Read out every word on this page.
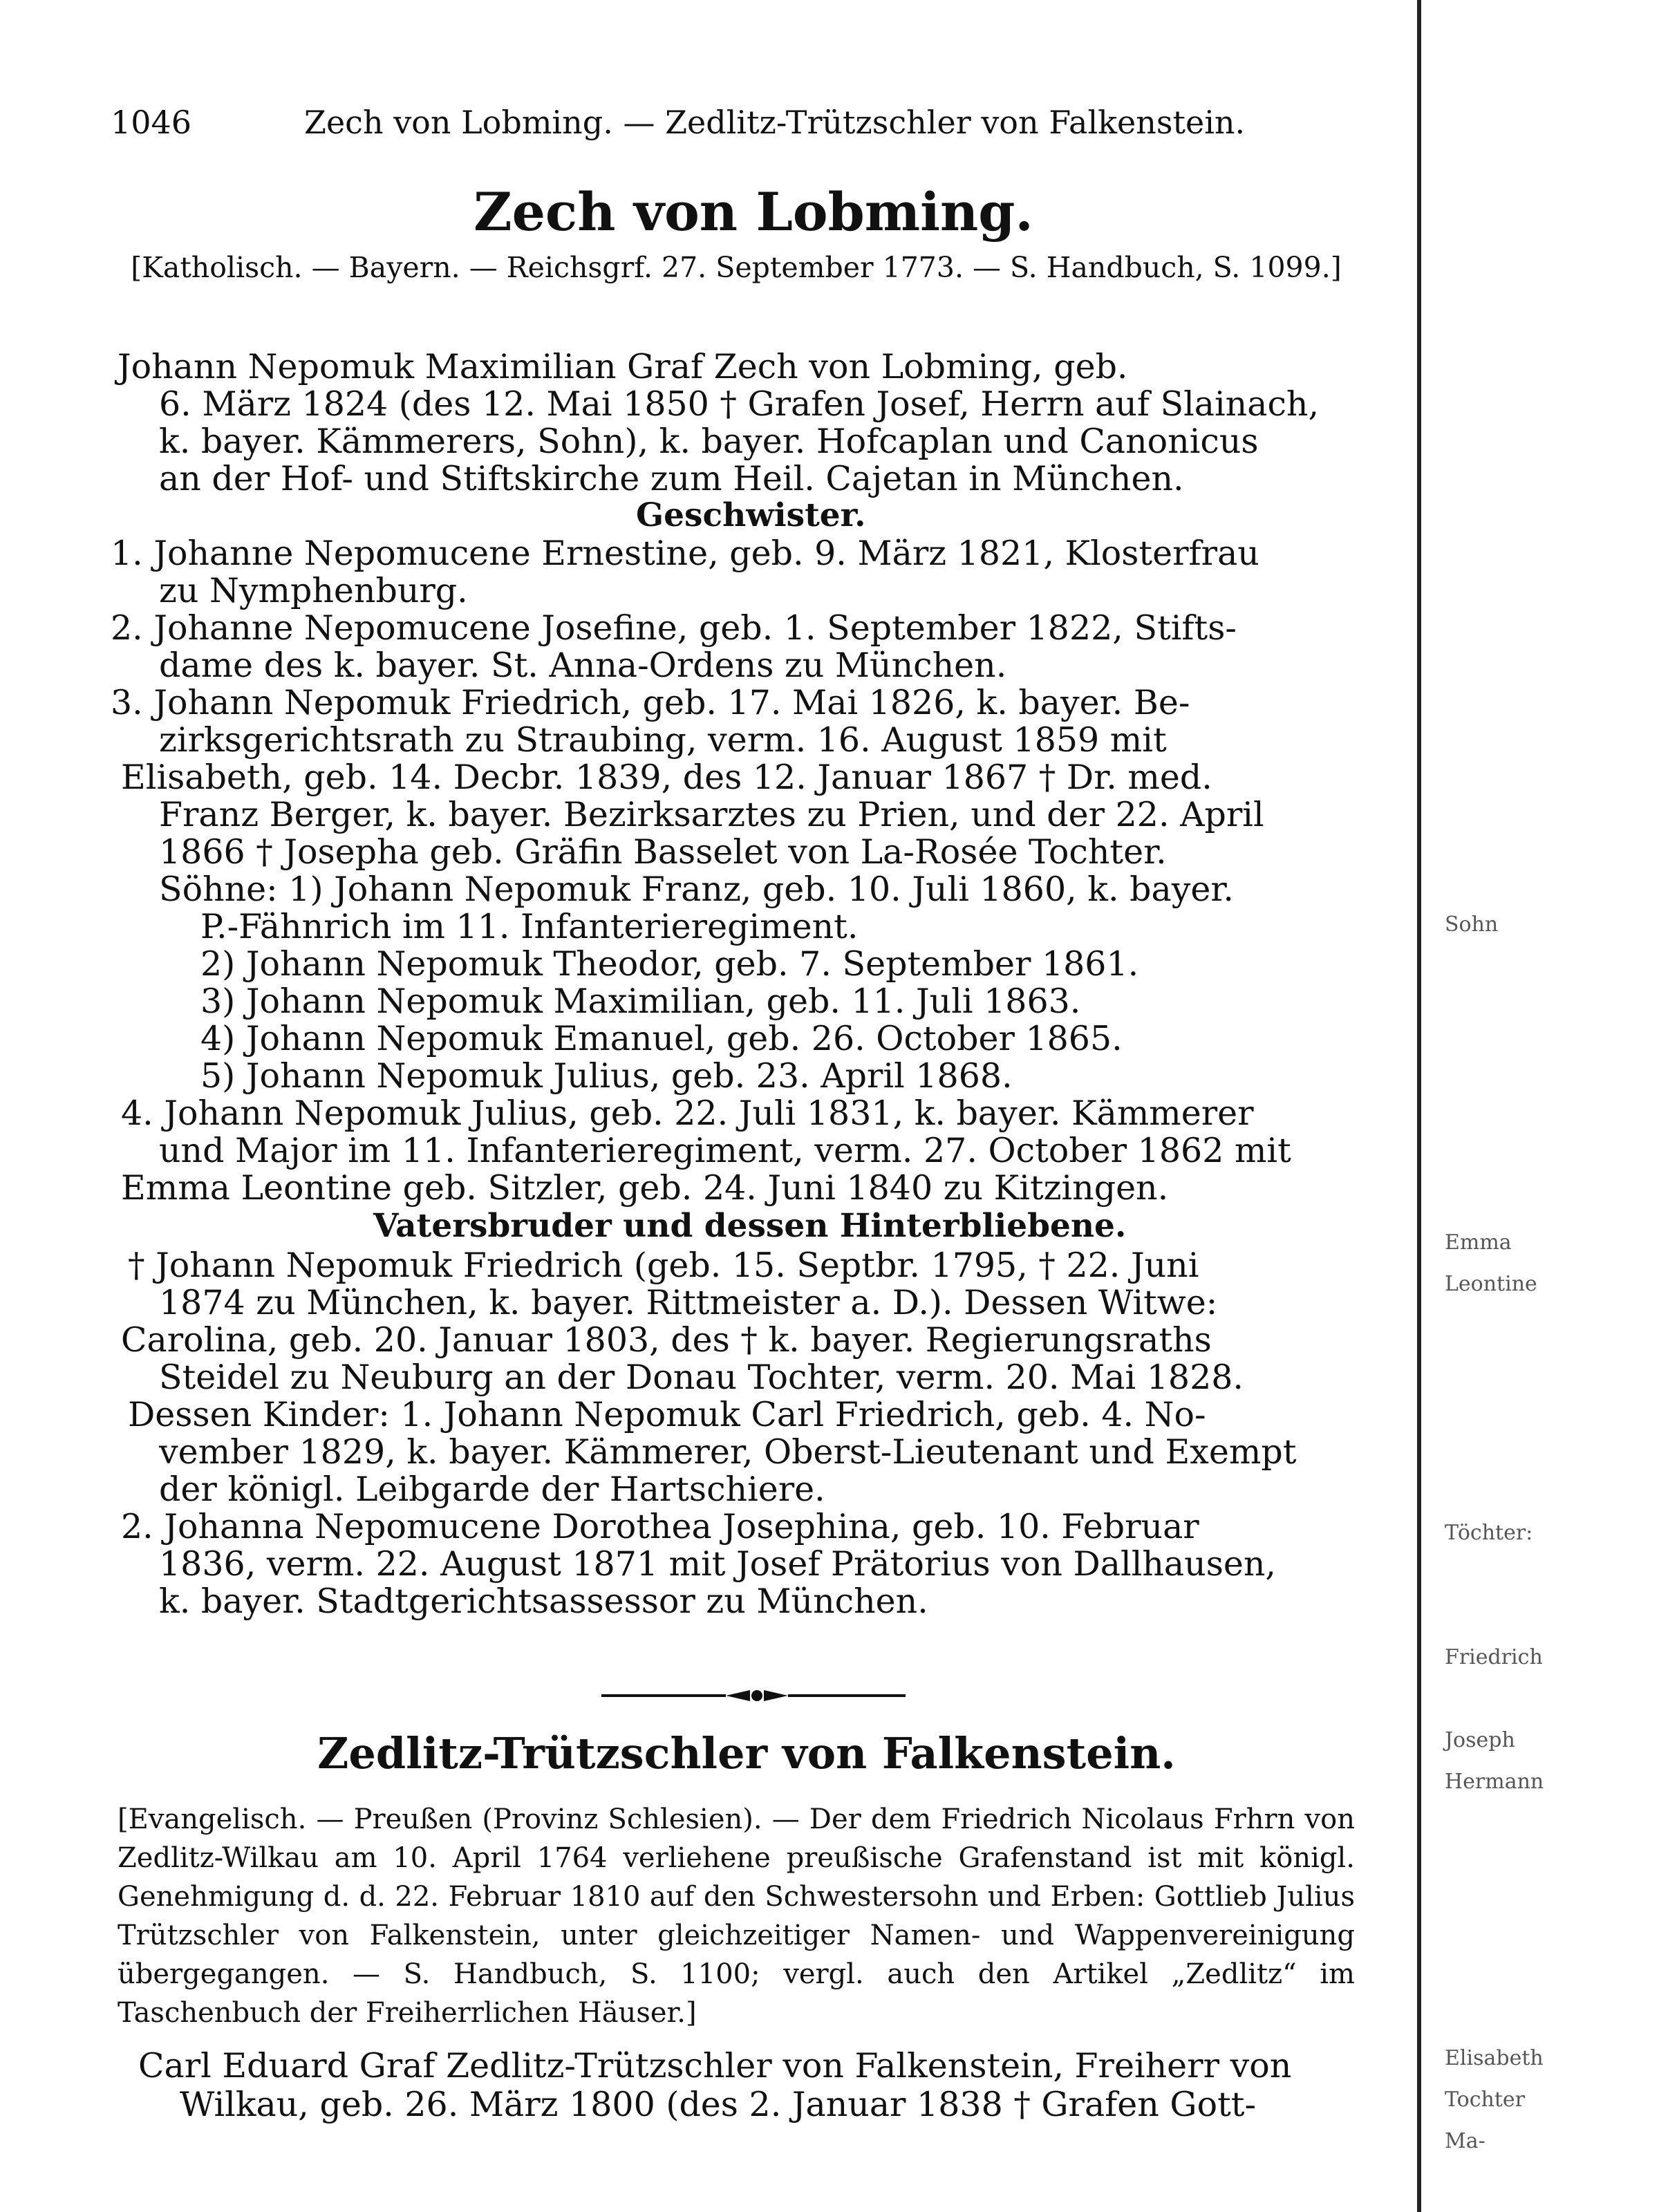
1046	Zech von Lobming. — Zedlitz-Trützschler von Falkenstein.
Zech von Lobming.
[Katholisch. — Bayern. — Reichsgrf. 27. September 1773. — S. Handbuch, S. 1099.]
Johann Nepomuk Maximilian Graf Zech von Lobming, geb.
6. März 1824 (des 12. Mai 1850 † Grafen Josef, Herrn auf Slainach,
k. bayer. Kämmerers, Sohn), k. bayer. Hofcaplan und Canonicus
an der Hof- und Stiftskirche zum Heil. Cajetan in München.
Geschwister.
1. Johanne Nepomucene Ernestine, geb. 9. März 1821, Klosterfrau
zu Nymphenburg.
2. Johanne Nepomucene Josefine, geb. 1. September 1822, Stifts-
dame des k. bayer. St. Anna-Ordens zu München.
3. Johann Nepomuk Friedrich, geb. 17. Mai 1826, k. bayer. Be-
zirksgerichtsrath zu Straubing, verm. 16. August 1859 mit
Elisabeth, geb. 14. Decbr. 1839, des 12. Januar 1867 † Dr. med.
Franz Berger, k. bayer. Bezirksarztes zu Prien, und der 22. April
1866 † Josepha geb. Gräfin Basselet von La-Rosée Tochter.
Söhne: 1) Johann Nepomuk Franz, geb. 10. Juli 1860, k. bayer.
P.-Fähnrich im 11. Infanterieregiment.
2) Johann Nepomuk Theodor, geb. 7. September 1861.
3) Johann Nepomuk Maximilian, geb. 11. Juli 1863.
4) Johann Nepomuk Emanuel, geb. 26. October 1865.
5) Johann Nepomuk Julius, geb. 23. April 1868.
4. Johann Nepomuk Julius, geb. 22. Juli 1831, k. bayer. Kämmerer
und Major im 11. Infanterieregiment, verm. 27. October 1862 mit
Emma Leontine geb. Sitzler, geb. 24. Juni 1840 zu Kitzingen.
Vatersbruder und dessen Hinterbliebene.
† Johann Nepomuk Friedrich (geb. 15. Septbr. 1795, † 22. Juni
1874 zu München, k. bayer. Rittmeister a. D.). Dessen Witwe:
Carolina, geb. 20. Januar 1803, des † k. bayer. Regierungsraths
Steidel zu Neuburg an der Donau Tochter, verm. 20. Mai 1828.
Dessen Kinder: 1. Johann Nepomuk Carl Friedrich, geb. 4. No-
vember 1829, k. bayer. Kämmerer, Oberst-Lieutenant und Exempt
der königl. Leibgarde der Hartschiere.
2. Johanna Nepomucene Dorothea Josephina, geb. 10. Februar
1836, verm. 22. August 1871 mit Josef Prätorius von Dallhausen,
k. bayer. Stadtgerichtsassessor zu München.
Zedlitz-Trützschler von Falkenstein.
[Evangelisch. — Preußen (Provinz Schlesien). — Der dem Friedrich Nicolaus Frhrn von Zedlitz-Wilkau am 10. April 1764 verliehene preußische Grafenstand ist mit königl. Genehmigung d. d. 22. Februar 1810 auf den Schwestersohn und Erben: Gottlieb Julius Trützschler von Falkenstein, unter gleichzeitiger Namen- und Wappenvereinigung übergegangen. — S. Handbuch, S. 1100; vergl. auch den Artikel „Zedlitz“ im Taschenbuch der Freiherrlichen Häuser.]
Carl Eduard Graf Zedlitz-Trützschler von Falkenstein, Freiherr von
Wilkau, geb. 26. März 1800 (des 2. Januar 1838 † Grafen Gott-
Sohn
Emma
Leontine
Töchter:
Friedrich
Elisabeth
Tochter
Joseph
Hermann
Ma-
